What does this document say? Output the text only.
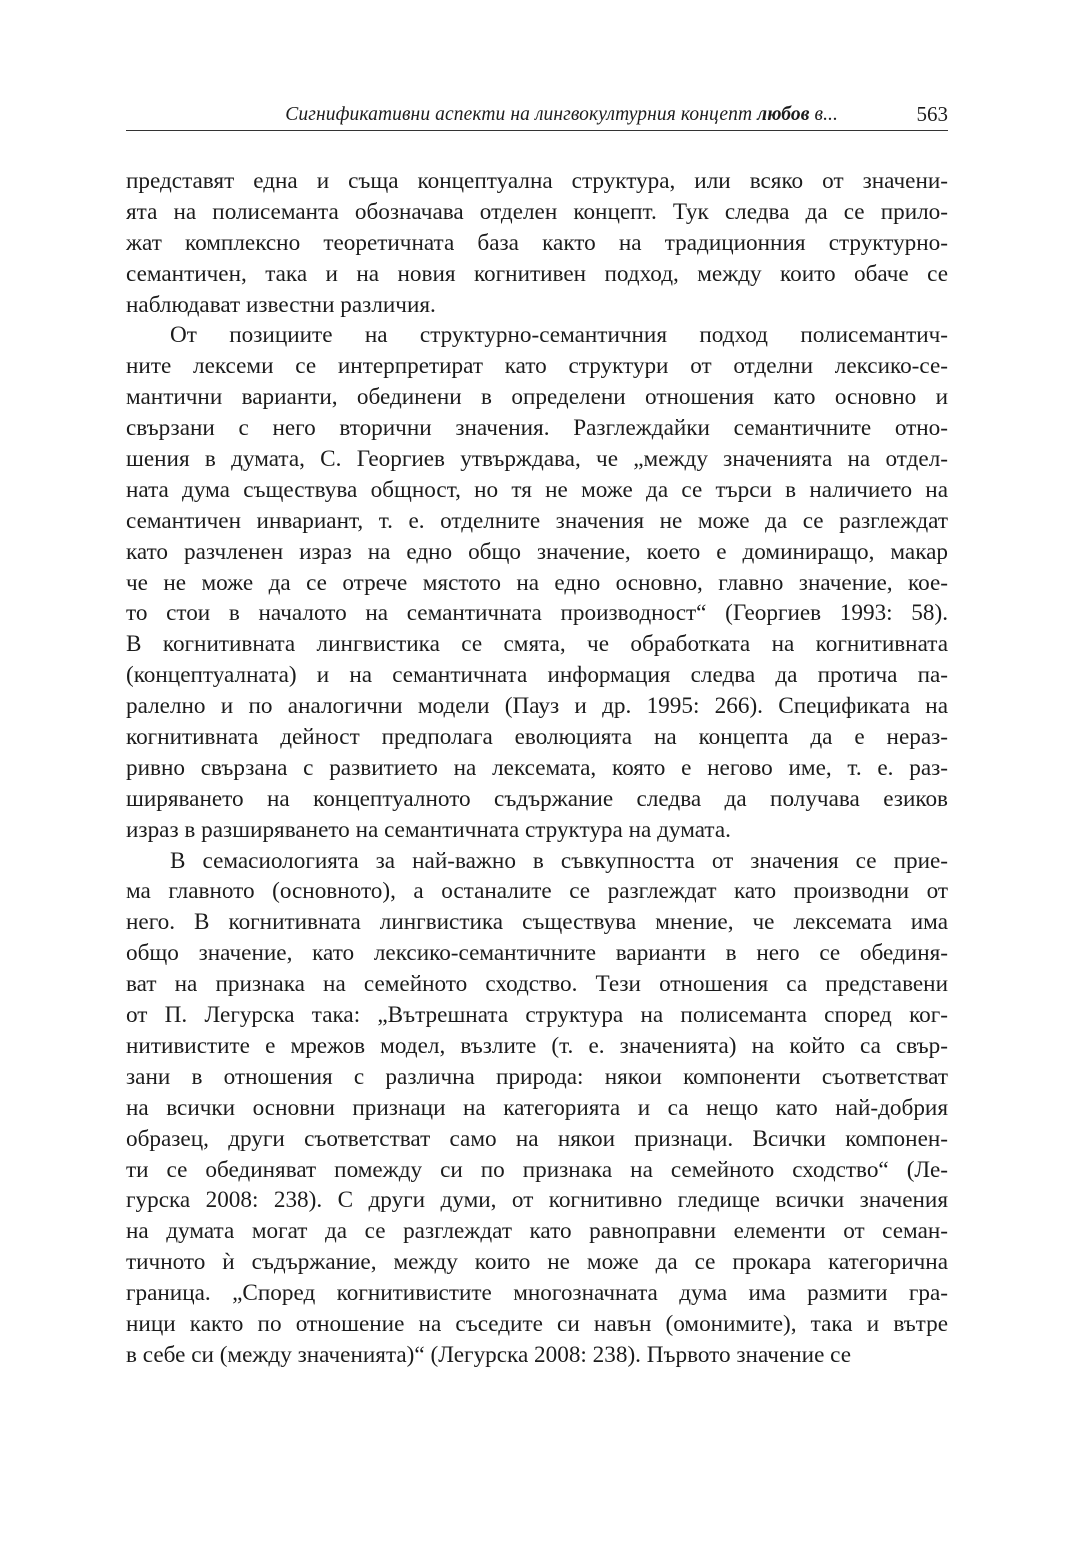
Сигнификативни аспекти на лингвокултурния концепт любов в...	563
представят една и съща концептуална структура, или всяко от значени-
ята на полисеманта обозначава отделен концепт. Тук следва да се прило-
жат комплексно теоретичната база както на традиционния структурно-
семантичен, така и на новия когнитивен подход, между които обаче се
наблюдават известни различия.
От позициите на структурно-семантичния подход полисемантич-
ните лексеми се интерпретират като структури от отделни лексико-се-
мантични варианти, обединени в определени отношения като основно и
свързани с него вторични значения. Разглеждайки семантичните отно-
шения в думата, С. Георгиев утвърждава, че „между значенията на отдел-
ната дума съществува общност, но тя не може да се търси в наличието на
семантичен инвариант, т. е. отделните значения не може да се разглеждат
като разчленен израз на едно общо значение, което е доминиращо, макар
че не може да се отрече мястото на едно основно, главно значение, кое-
то стои в началото на семантичната производност“ (Георгиев 1993: 58).
В когнитивната лингвистика се смята, че обработката на когнитивната
(концептуалната) и на семантичната информация следва да протича па-
ралелно и по аналогични модели (Пауз и др. 1995: 266). Спецификата на
когнитивната дейност предполага еволюцията на концепта да е нераз-
ривно свързана с развитието на лексемата, която е негово име, т. е. раз-
ширяването на концептуалното съдържание следва да получава езиков
израз в разширяването на семантичната структура на думата.
В семасиологията за най-важно в съвкупността от значения се прие-
ма главното (основното), а останалите се разглеждат като производни от
него. В когнитивната лингвистика съществува мнение, че лексемата има
общо значение, като лексико-семантичните варианти в него се обединя-
ват на признака на семейното сходство. Тези отношения са представени
от П. Легурска така: „Вътрешната структура на полисеманта според ког-
нитивистите е мрежов модел, възлите (т. е. значенията) на който са свър-
зани в отношения с различна природа: някои компоненти съответстват
на всички основни признаци на категорията и са нещо като най-добрия
образец, други съответстват само на някои признаци. Всички компонен-
ти се обединяват помежду си по признака на семейното сходство“ (Ле-
гурска 2008: 238). С други думи, от когнитивно гледище всички значения
на думата могат да се разглеждат като равноправни елементи от семан-
тичното ѝ съдържание, между които не може да се прокара категорична
граница. „Според когнитивистите многозначната дума има размити гра-
ници както по отношение на съседите си навън (омонимите), така и вътре
в себе си (между значенията)“ (Легурска 2008: 238). Първото значение се
